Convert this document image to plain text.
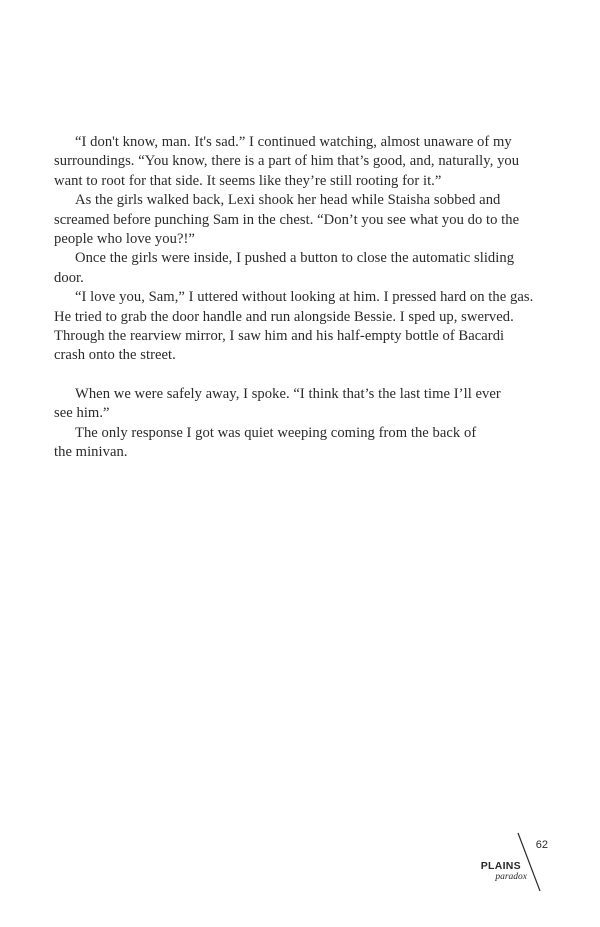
“I don't know, man. It's sad.” I continued watching, almost unaware of my
surroundings. “You know, there is a part of him that’s good, and, naturally, you
want to root for that side. It seems like they’re still rooting for it.”
As the girls walked back, Lexi shook her head while Staisha sobbed and
screamed before punching Sam in the chest. “Don’t you see what you do to the
people who love you?!”
Once the girls were inside, I pushed a button to close the automatic sliding
door.
“I love you, Sam,” I uttered without looking at him. I pressed hard on the gas.
He tried to grab the door handle and run alongside Bessie. I sped up, swerved.
Through the rearview mirror, I saw him and his half-empty bottle of Bacardi
crash onto the street.
When we were safely away, I spoke. “I think that’s the last time I’ll ever
see him.”
The only response I got was quiet weeping coming from the back of
the minivan.
PLAINS
paradox
62
